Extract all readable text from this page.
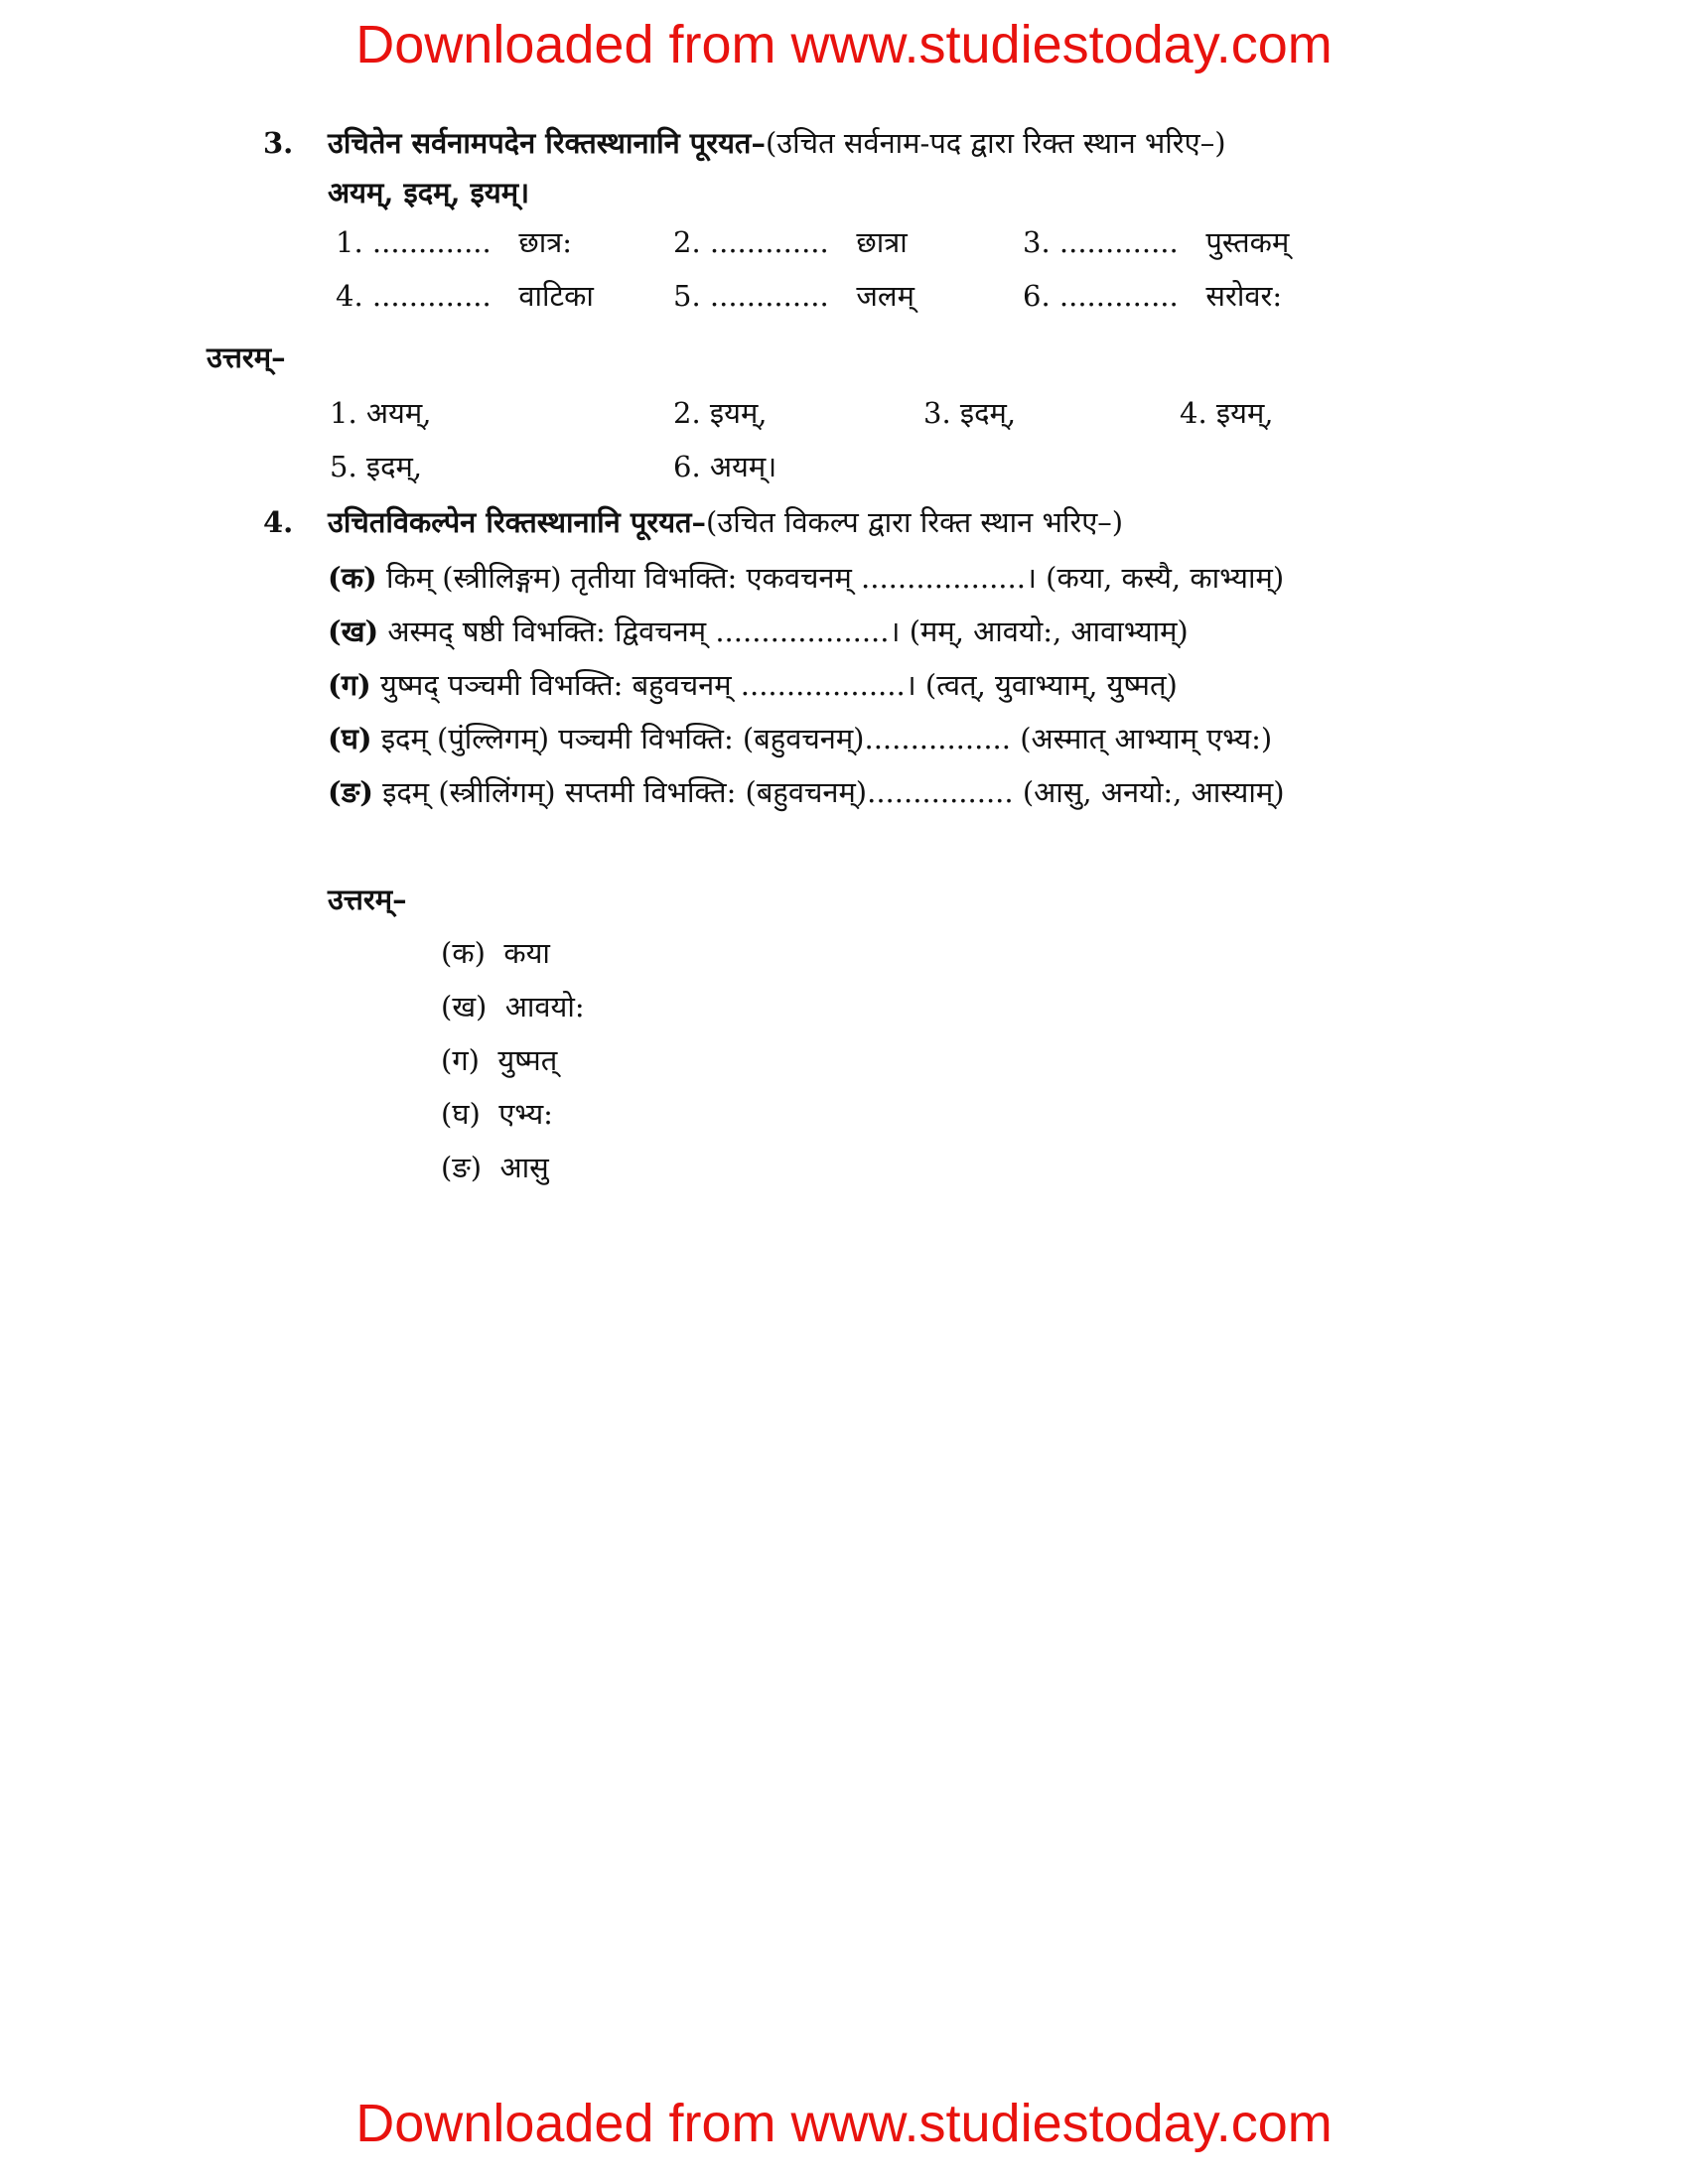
Downloaded from www.studiestoday.com
3. उचितेन सर्वनामपदेन रिक्तस्थानानि पूरयत–(उचित सर्वनाम-पद द्वारा रिक्त स्थान भरिए–)
अयम्, इदम्, इयम्।
1. ............. छात्र:	2. ............. छात्रा	3. ............. पुस्तकम्
4. ............. वाटिका	5. ............. जलम्	6. ............. सरोवर:
उत्तरम्–
1. अयम्,	2. इयम्,	3. इदम्,	4. इयम्,
5. इदम्,	6. अयम्।
4. उचितविकल्पेन रिक्तस्थानानि पूरयत–(उचित विकल्प द्वारा रिक्त स्थान भरिए–)
(क) किम् (स्त्रीलिङ्गम) तृतीया विभक्ति: एकवचनम् ..................। (कया, कस्यै, काभ्याम्)
(ख) अस्मद् षष्ठी विभक्ति: द्विवचनम् ...................। (मम्, आवयो:, आवाभ्याम्)
(ग) युष्मद् पञ्चमी विभक्ति: बहुवचनम् ..................। (त्वत्, युवाभ्याम्, युष्मत्)
(घ) इदम् (पुंल्लिगम्) पञ्चमी विभक्ति: (बहुवचनम्)................ (अस्मात् आभ्याम् एभ्य:)
(ङ) इदम् (स्त्रीलिंगम्) सप्तमी विभक्ति: (बहुवचनम्)................ (आसु, अनयो:, आस्याम्)
उत्तरम्–
(क) कया
(ख) आवयो:
(ग) युष्मत्
(घ) एभ्य:
(ङ) आसु
Downloaded from www.studiestoday.com
